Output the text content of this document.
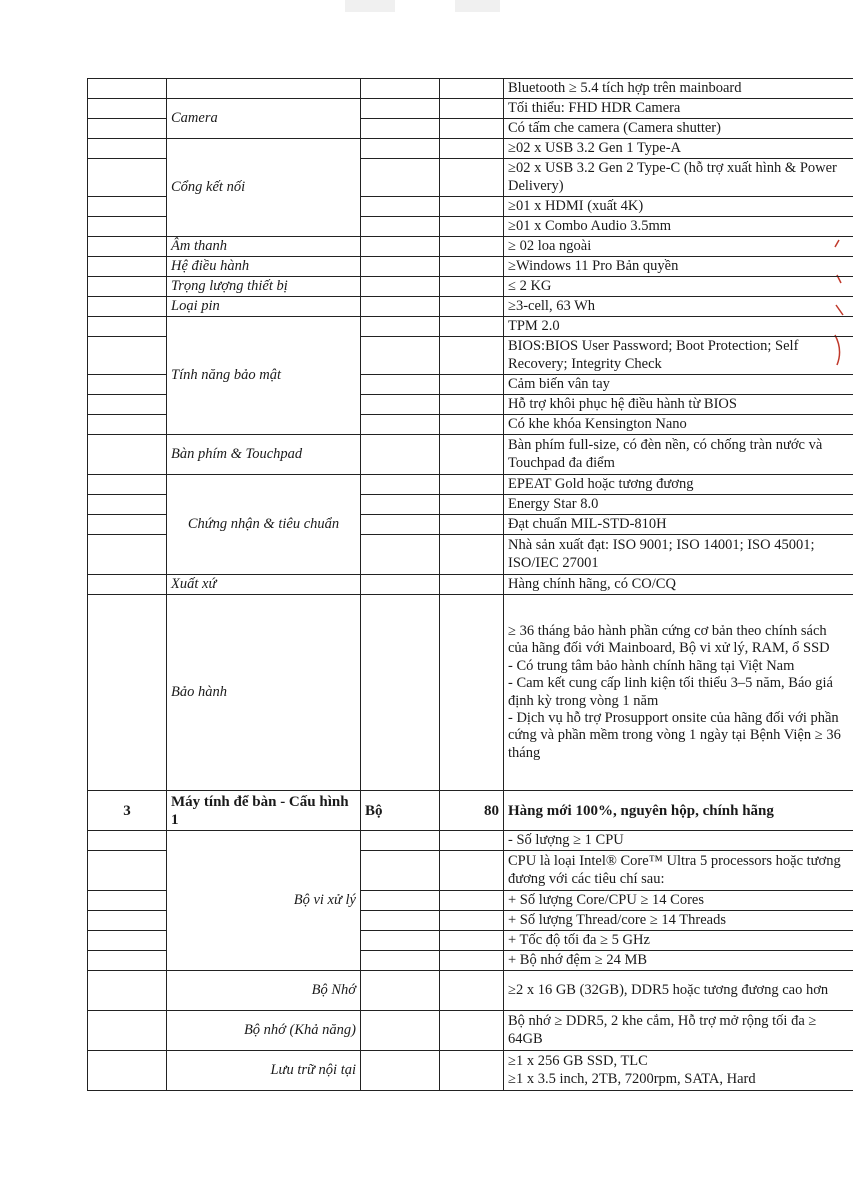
				Bluetooth ≥ 5.4 tích hợp trên mainboard
	Camera			Tối thiểu: FHD HDR Camera
				Có tấm che camera (Camera shutter)
	Cổng kết nối			≥02 x USB 3.2 Gen 1 Type-A
				≥02 x USB 3.2 Gen 2 Type-C (hỗ trợ xuất hình & Power Delivery)
				≥01 x HDMI (xuất 4K)
				≥01 x Combo Audio 3.5mm
	Âm thanh			≥ 02 loa ngoài
	Hệ điều hành			≥Windows 11 Pro Bản quyền
	Trọng lượng thiết bị			≤ 2 KG
	Loại pin			≥3-cell, 63 Wh
	Tính năng bảo mật			TPM 2.0
				BIOS:BIOS User Password; Boot Protection; Self Recovery; Integrity Check
				Cảm biến vân tay
				Hỗ trợ khôi phục hệ điều hành từ BIOS
				Có khe khóa Kensington Nano
	Bàn phím & Touchpad			Bàn phím full-size, có đèn nền, có chống tràn nước và Touchpad đa điểm
	Chứng nhận & tiêu chuẩn			EPEAT Gold hoặc tương đương
				Energy Star 8.0
				Đạt chuẩn MIL-STD-810H
				Nhà sản xuất đạt: ISO 9001; ISO 14001; ISO 45001; ISO/IEC 27001
	Xuất xứ			Hàng chính hãng, có CO/CQ
	Bảo hành			≥ 36 tháng bảo hành phần cứng cơ bản theo chính sách của hãng đối với Mainboard, Bộ vi xử lý, RAM, ổ SSD
- Có trung tâm bảo hành chính hãng tại Việt Nam
- Cam kết cung cấp linh kiện tối thiểu 3–5 năm, Báo giá định kỳ trong vòng 1 năm
- Dịch vụ hỗ trợ Prosupport onsite của hãng đối với phần cứng và phần mềm trong vòng 1 ngày tại Bệnh Viện ≥ 36 tháng
3	Máy tính để bàn - Cấu hình 1	Bộ	80	Hàng mới 100%, nguyên hộp, chính hãng
	Bộ vi xử lý			- Số lượng ≥ 1 CPU
				CPU là loại Intel® Core™ Ultra 5 processors hoặc tương đương với các tiêu chí sau:
				+ Số lượng Core/CPU ≥ 14 Cores
				+ Số lượng Thread/core ≥ 14 Threads
				+ Tốc độ tối đa ≥ 5 GHz
				+ Bộ nhớ đệm ≥ 24 MB
	Bộ Nhớ			≥2 x 16 GB (32GB), DDR5 hoặc tương đương cao hơn
	Bộ nhớ (Khả năng)			Bộ nhớ ≥ DDR5, 2 khe cắm, Hỗ trợ mở rộng tối đa ≥ 64GB
	Lưu trữ nội tại			≥1 x 256 GB SSD, TLC
≥1 x 3.5 inch, 2TB, 7200rpm, SATA, Hard
